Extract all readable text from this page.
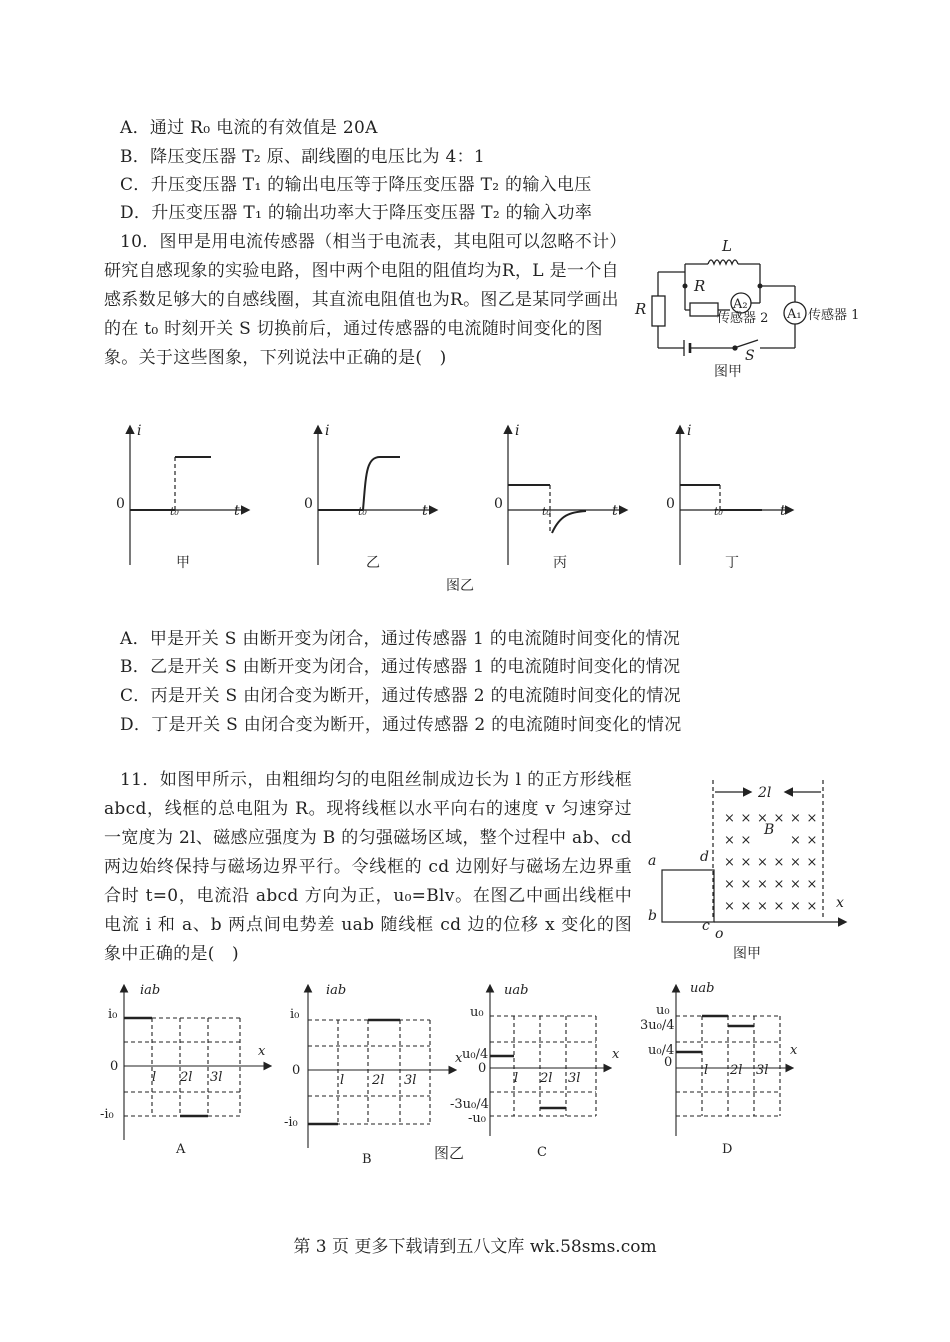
A．通过 R₀ 电流的有效值是 20A
B．降压变压器 T₂ 原、副线圈的电压比为 4：1
C．升压变压器 T₁ 的输出电压等于降压变压器 T₂ 的输入电压
D．升压变压器 T₁ 的输出功率大于降压变压器 T₂ 的输入功率
10．图甲是用电流传感器（相当于电流表，其电阻可以忽略不计）研究自感现象的实验电路，图中两个电阻的阻值均为R，L 是一个自感系数足够大的自感线圈，其直流电阻值也为R。图乙是某同学画出的在 t₀ 时刻开关 S 切换前后，通过传感器的电流随时间变化的图象。关于这些图象，下列说法中正确的是(　)
L
R
R	A₂
A₁
传感器 2	传感器 1
S
图甲
i
0	t₀	t
甲
i
0	t₀	t
乙
i
0	t₀	t
丙
i
0	t₀	t
丁
图乙
A．甲是开关 S 由断开变为闭合，通过传感器 1 的电流随时间变化的情况
B．乙是开关 S 由断开变为闭合，通过传感器 1 的电流随时间变化的情况
C．丙是开关 S 由闭合变为断开，通过传感器 2 的电流随时间变化的情况
D．丁是开关 S 由闭合变为断开，通过传感器 2 的电流随时间变化的情况
11．如图甲所示，由粗细均匀的电阻丝制成边长为 l 的正方形线框 abcd，线框的总电阻为 R。现将线框以水平向右的速度 v 匀速穿过一宽度为 2l、磁感应强度为 B 的匀强磁场区域，整个过程中 ab、cd 两边始终保持与磁场边界平行。令线框的 cd 边刚好与磁场左边界重合时 t=0，电流沿 abcd 方向为正，u₀=Blv。在图乙中画出线框中电流 i 和 a、b 两点间电势差 uab 随线框 cd 边的位移 x 变化的图象中正确的是(　)
2l
B
a
b
c
d
o
x
图甲
× × × × × ×
× ×	× ×
× × × × × ×
× × × × × ×
× × × × × ×
iab
i₀
0
-i₀
l 2l 3l
x
A
iab
i₀
0
-i₀
l 2l 3l
x
B
uab
u₀
u₀/4
0
-3u₀/4
-u₀
l 2l 3l
x
C
uab
u₀
3u₀/4
u₀/4
0
l 2l 3l
x
D
图乙
第 3 页 更多下载请到五八文库 wk.58sms.com
